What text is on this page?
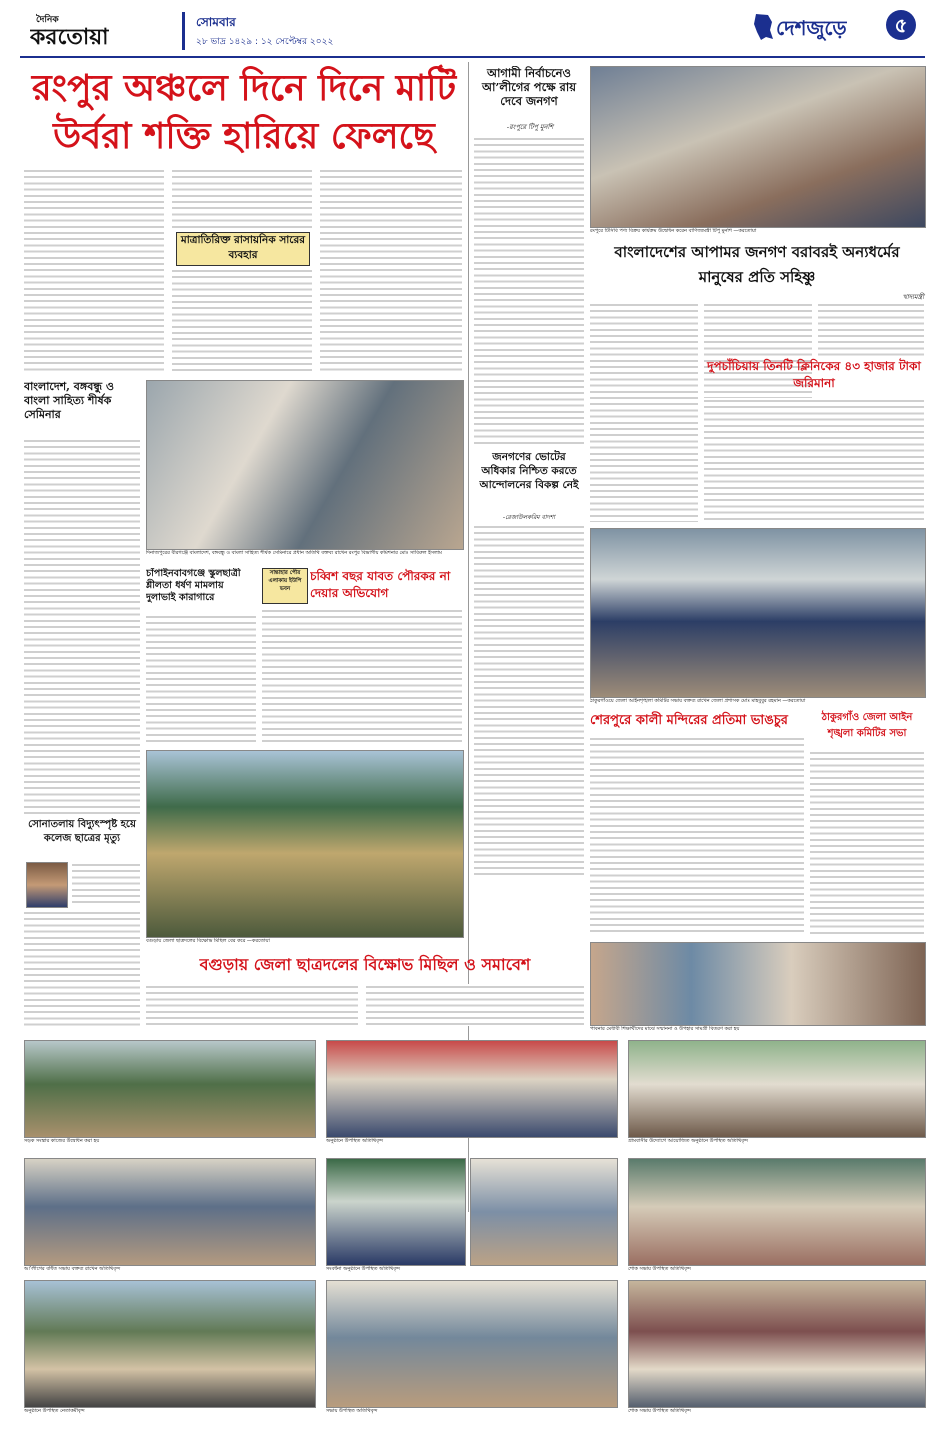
দৈনিক
করতোয়া
সোমবার
২৮ ভাদ্র ১৪২৯ : ১২ সেপ্টেম্বর ২০২২
দেশজুড়ে	৫
রংপুর অঞ্চলে দিনে দিনে মাটি উর্বরা শক্তি হারিয়ে ফেলছে
মাত্রাতিরিক্ত রাসায়নিক সারের ব্যবহার
আগামী নির্বাচনেও আ’লীগের পক্ষে রায় দেবে জনগণ
-রংপুরে টিপু মুনশি
রংপুরে টিসিবি পণ্য বিক্রয় কার্যক্রম উদ্বোধন করেন বাণিজ্যমন্ত্রী টিপু মুনশি —করতোয়া
বাংলাদেশের আপামর জনগণ বরাবরই অন্যধর্মের মানুষের প্রতি সহিষ্ণু
খাদ্যমন্ত্রী
দুপচাঁচিয়ায় তিনটি ক্লিনিকের ৪৩ হাজার টাকা জরিমানা
বাংলাদেশ, বঙ্গবন্ধু ও বাংলা সাহিত্য শীর্ষক সেমিনার
দিনাজপুরের বীরগঞ্জে বাংলাদেশ, বঙ্গবন্ধু ও বাংলা সাহিত্য শীর্ষক সেমিনারে প্রধান অতিথি বক্তব্য রাখেন রংপুর বিভাগীয় কমিশনার মোঃ সাবিরুল ইসলাম
চাঁপাইনবাবগঞ্জে স্কুলছাত্রী শ্লীলতা ধর্ষণ মামলায় দুলাভাই কারাগারে
সান্তাহার পৌর এলাকায় ইউপি ভবন
চব্বিশ বছর যাবত পৌরকর না দেয়ার অভিযোগ
জনগণের ভোটের অধিকার নিশ্চিত করতে আন্দোলনের বিকল্প নেই
-রেজাউলকরিম বাদশা
ঠাকুরগাঁওয়ে জেলা আইনশৃঙ্খলা কমিটির সভায় বক্তব্য রাখেন জেলা প্রশাসক মোঃ মাহবুবুর রহমান —করতোয়া
শেরপুরে কালী মন্দিরের প্রতিমা ভাঙচুর	ঠাকুরগাঁও জেলা আইন শৃঙ্খলা কমিটির সভা
সোনাতলায় বিদ্যুৎস্পৃষ্ট হয়ে কলেজ ছাত্রের মৃত্যু
বগুড়ায় জেলা ছাত্রদলের বিক্ষোভ মিছিল বের করে —করতোয়া
বগুড়ায় জেলা ছাত্রদলের বিক্ষোভ মিছিল ও সমাবেশ
পাবনার মেধাবী শিক্ষার্থীদের মাঝে সম্মাননা ও উপহার সামগ্রী বিতরণ করা হয়
সড়ক সংস্কার কাজের উদ্বোধন করা হয়	অনুষ্ঠানে উপস্থিত অতিথিবৃন্দ	গ্রামবাসীর উদ্যোগে আয়োজিত অনুষ্ঠানে উপস্থিত অতিথিবৃন্দ
আ’লীগের বর্ধিত সভায় বক্তব্য রাখেন অতিথিবৃন্দ	সংবর্ধনা অনুষ্ঠানে উপস্থিত অতিথিবৃন্দ	শোক সভায় উপস্থিত অতিথিবৃন্দ
অনুষ্ঠানে উপস্থিত নেতাকর্মীবৃন্দ	সভায় উপস্থিত অতিথিবৃন্দ	শোক সভায় উপস্থিত অতিথিবৃন্দ
